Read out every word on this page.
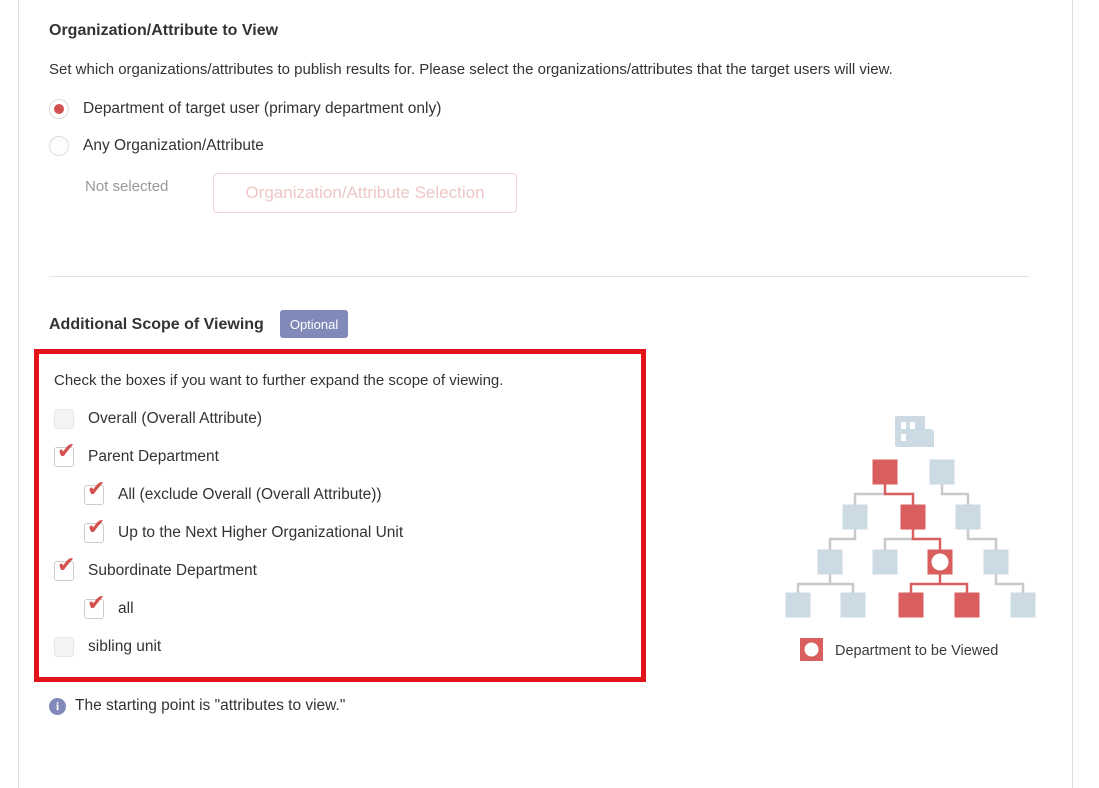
Organization/Attribute to View

Set which organizations/attributes to publish results for. Please select the organizations/attributes that the target users will view.

Department of target user (primary department only)
Any Organization/Attribute
Not selected	Organization/Attribute Selection
Additional Scope of Viewing	Optional
Check the boxes if you want to further expand the scope of viewing.
Overall (Overall Attribute)
✔
Parent Department
✔
All (exclude Overall (Overall Attribute))
✔
Up to the Next Higher Organizational Unit
✔
Subordinate Department
✔
all
sibling unit
i
The starting point is "attributes to view."
Department to be Viewed
